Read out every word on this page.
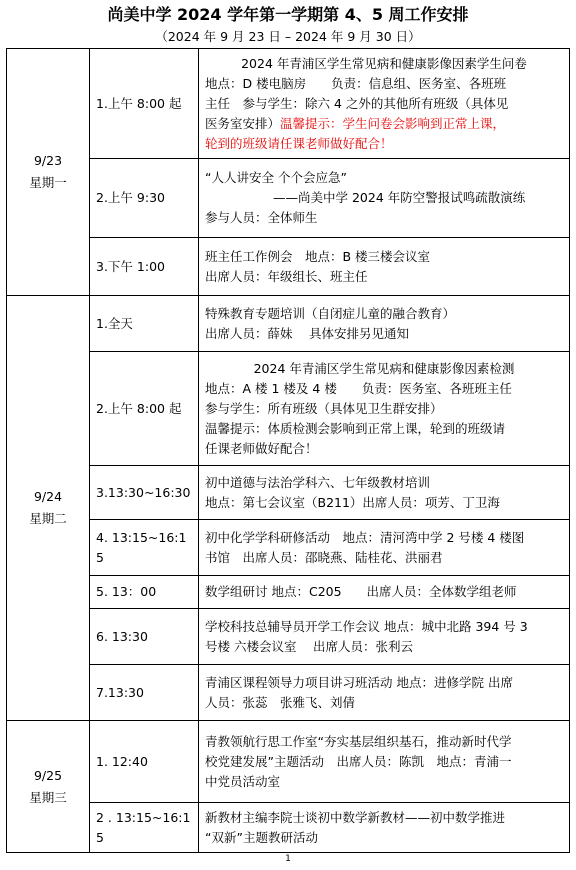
尚美中学 2024 学年第一学期第 4、5 周工作安排
（2024 年 9 月 23 日 – 2024 年 9 月 30 日）
9/23
星期一	1.上午 8:00 起	2024 年青浦区学生常见病和健康影像因素学生问卷
地点：D 楼电脑房　　负责：信息组、医务室、各班班
主任　参与学生：除六 4 之外的其他所有班级（具体见
医务室安排）温馨提示：学生问卷会影响到正常上课，
轮到的班级请任课老师做好配合！

	2.上午 9:30	“人人讲安全 个个会应急”
——尚美中学 2024 年防空警报试鸣疏散演练
参与人员：全体师生

	3.下午 1:00	班主任工作例会　地点：B 楼三楼会议室
出席人员：年级组长、班主任

9/24
星期二	1.全天	特殊教育专题培训（自闭症儿童的融合教育）
出席人员：薛妹　 具体安排另见通知

	2.上午 8:00 起	2024 年青浦区学生常见病和健康影像因素检测
地点：A 楼 1 楼及 4 楼　　负责：医务室、各班班主任
参与学生：所有班级（具体见卫生群安排）
温馨提示：体质检测会影响到正常上课，轮到的班级请
任课老师做好配合！

	3.13:30~16:30	初中道德与法治学科六、七年级教材培训
地点：第七会议室（B211）出席人员：项芳、丁卫海

	4. 13:15~16:15	初中化学学科研修活动　地点：清河湾中学 2 号楼 4 楼图
书馆　出席人员：邵晓燕、陆桂花、洪丽君

	5. 13：00	数学组研讨 地点：C205　　出席人员：全体数学组老师

	6. 13:30	学校科技总辅导员开学工作会议 地点：城中北路 394 号 3
号楼 六楼会议室　 出席人员：张利云

	7.13:30	青浦区课程领导力项目讲习班活动 地点：进修学院 出席
人员：张蕊　张雅飞、刘倩

9/25
星期三	1. 12:40	青教领航行思工作室“夯实基层组织基石，推动新时代学
校党建发展”主题活动　出席人员：陈凯　地点：青浦一
中党员活动室

	2 . 13:15~16:15	新教材主编李院士谈初中数学新教材——初中数学推进
“双新”主题教研活动
1
